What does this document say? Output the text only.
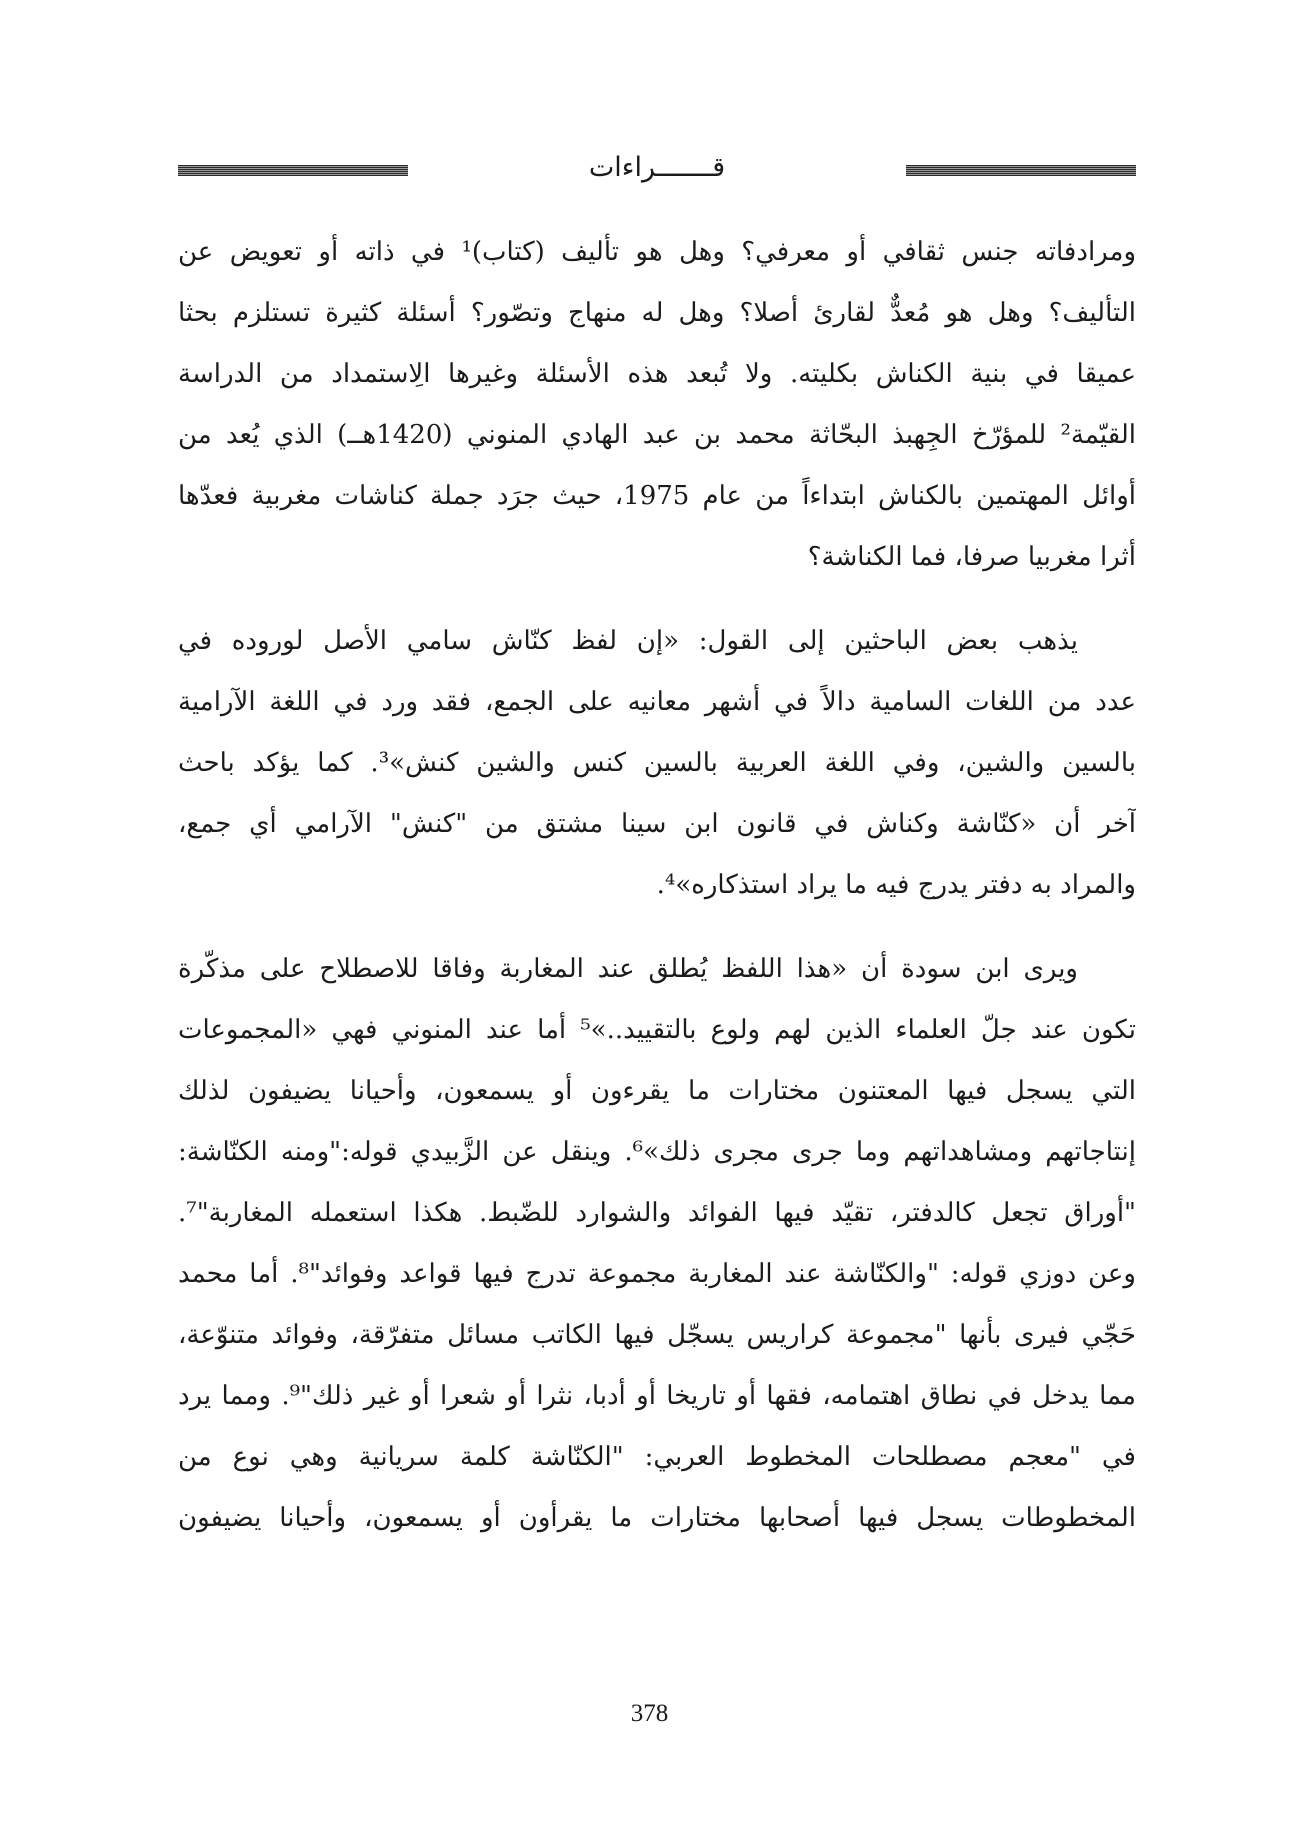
قـــــــراءات
ومرادفاته جنس ثقافي أو معرفي؟ وهل هو تأليف (كتاب)¹ في ذاته أو تعويض عن
التأليف؟ وهل هو مُعدٌّ لقارئ أصلا؟ وهل له منهاج وتصّور؟ أسئلة كثيرة تستلزم بحثا
عميقا في بنية الكناش بكليته. ولا تُبعد هذه الأسئلة وغيرها الِاستمداد من الدراسة
القيّمة² للمؤرّخ الجِهبذ البحّاثة محمد بن عبد الهادي المنوني (1420هــ) الذي يُعد من
أوائل المهتمين بالكناش ابتداءاً من عام 1975، حيث جرَد جملة كناشات مغربية فعدّها
أثرا مغربيا صرفا، فما الكناشة؟
يذهب بعض الباحثين إلى القول: «إن لفظ كنّاش سامي الأصل لوروده في
عدد من اللغات السامية دالاً في أشهر معانيه على الجمع، فقد ورد في اللغة الآرامية
بالسين والشين، وفي اللغة العربية بالسين كنس والشين كنش»³. كما يؤكد باحث
آخر أن «كنّاشة وكناش في قانون ابن سينا مشتق من "كنش" الآرامي أي جمع،
والمراد به دفتر يدرج فيه ما يراد استذكاره»⁴.
ويرى ابن سودة أن «هذا اللفظ يُطلق عند المغاربة وفاقا للاصطلاح على مذكّرة
تكون عند جلّ العلماء الذين لهم ولوع بالتقييد..»⁵ أما عند المنوني فهي «المجموعات
التي يسجل فيها المعتنون مختارات ما يقرءون أو يسمعون، وأحيانا يضيفون لذلك
إنتاجاتهم ومشاهداتهم وما جرى مجرى ذلك»⁶. وينقل عن الزَّبيدي قوله:"ومنه الكنّاشة:
"أوراق تجعل كالدفتر، تقيّد فيها الفوائد والشوارد للضّبط. هكذا استعمله المغاربة"⁷.
وعن دوزي قوله: "والكنّاشة عند المغاربة مجموعة تدرج فيها قواعد وفوائد"⁸. أما محمد
حَجّي فيرى بأنها "مجموعة كراريس يسجّل فيها الكاتب مسائل متفرّقة، وفوائد متنوّعة،
مما يدخل في نطاق اهتمامه، فقها أو تاريخا أو أدبا، نثرا أو شعرا أو غير ذلك"⁹. ومما يرد
في "معجم مصطلحات المخطوط العربي: "الكنّاشة كلمة سريانية وهي نوع من
المخطوطات يسجل فيها أصحابها مختارات ما يقرأون أو يسمعون، وأحيانا يضيفون
378
